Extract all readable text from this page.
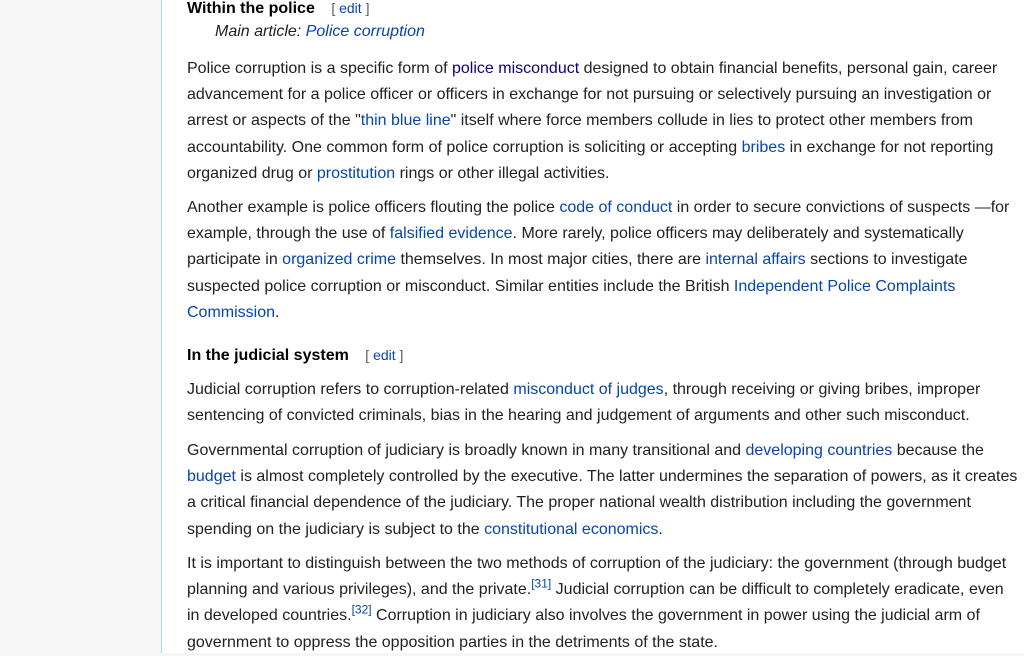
Within the police [ edit ]
Main article: Police corruption

Police corruption is a specific form of police misconduct designed to obtain financial benefits, personal gain, career advancement for a police officer or officers in exchange for not pursuing or selectively pursuing an investigation or arrest or aspects of the "thin blue line" itself where force members collude in lies to protect other members from accountability. One common form of police corruption is soliciting or accepting bribes in exchange for not reporting organized drug or prostitution rings or other illegal activities.

Another example is police officers flouting the police code of conduct in order to secure convictions of suspects —for example, through the use of falsified evidence. More rarely, police officers may deliberately and systematically participate in organized crime themselves. In most major cities, there are internal affairs sections to investigate suspected police corruption or misconduct. Similar entities include the British Independent Police Complaints Commission.

In the judicial system [ edit ]

Judicial corruption refers to corruption-related misconduct of judges, through receiving or giving bribes, improper sentencing of convicted criminals, bias in the hearing and judgement of arguments and other such misconduct.

Governmental corruption of judiciary is broadly known in many transitional and developing countries because the budget is almost completely controlled by the executive. The latter undermines the separation of powers, as it creates a critical financial dependence of the judiciary. The proper national wealth distribution including the government spending on the judiciary is subject to the constitutional economics.

It is important to distinguish between the two methods of corruption of the judiciary: the government (through budget planning and various privileges), and the private.[31] Judicial corruption can be difficult to completely eradicate, even in developed countries.[32] Corruption in judiciary also involves the government in power using the judicial arm of government to oppress the opposition parties in the detriments of the state.
